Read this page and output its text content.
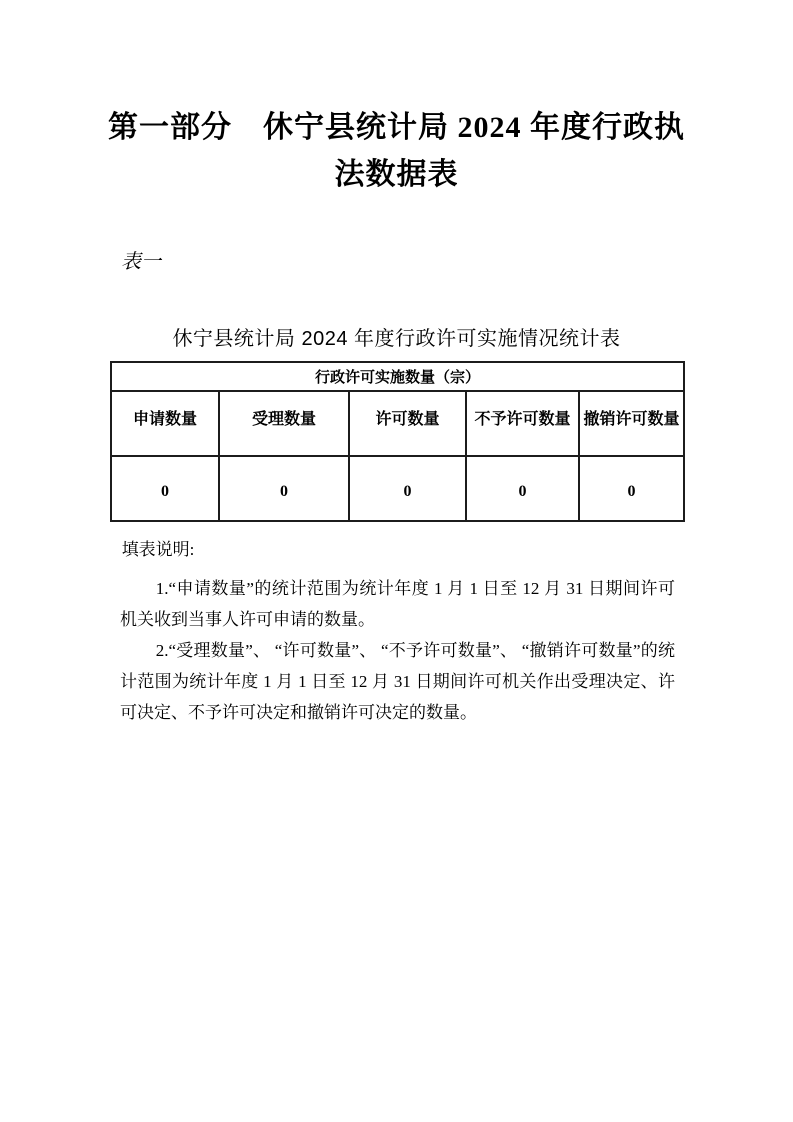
第一部分　休宁县统计局 2024 年度行政执
法数据表
表一
休宁县统计局 2024 年度行政许可实施情况统计表
行政许可实施数量（宗）				
申请数量	受理数量	许可数量	不予许可数量	撤销许可数量
0	0	0	0	0

填表说明:

1.“申请数量”的统计范围为统计年度 1 月 1 日至 12 月 31 日期间许可机关收到当事人许可申请的数量。

2.“受理数量”、 “许可数量”、 “不予许可数量”、 “撤销许可数量”的统计范围为统计年度 1 月 1 日至 12 月 31 日期间许可机关作出受理决定、许可决定、不予许可决定和撤销许可决定的数量。
